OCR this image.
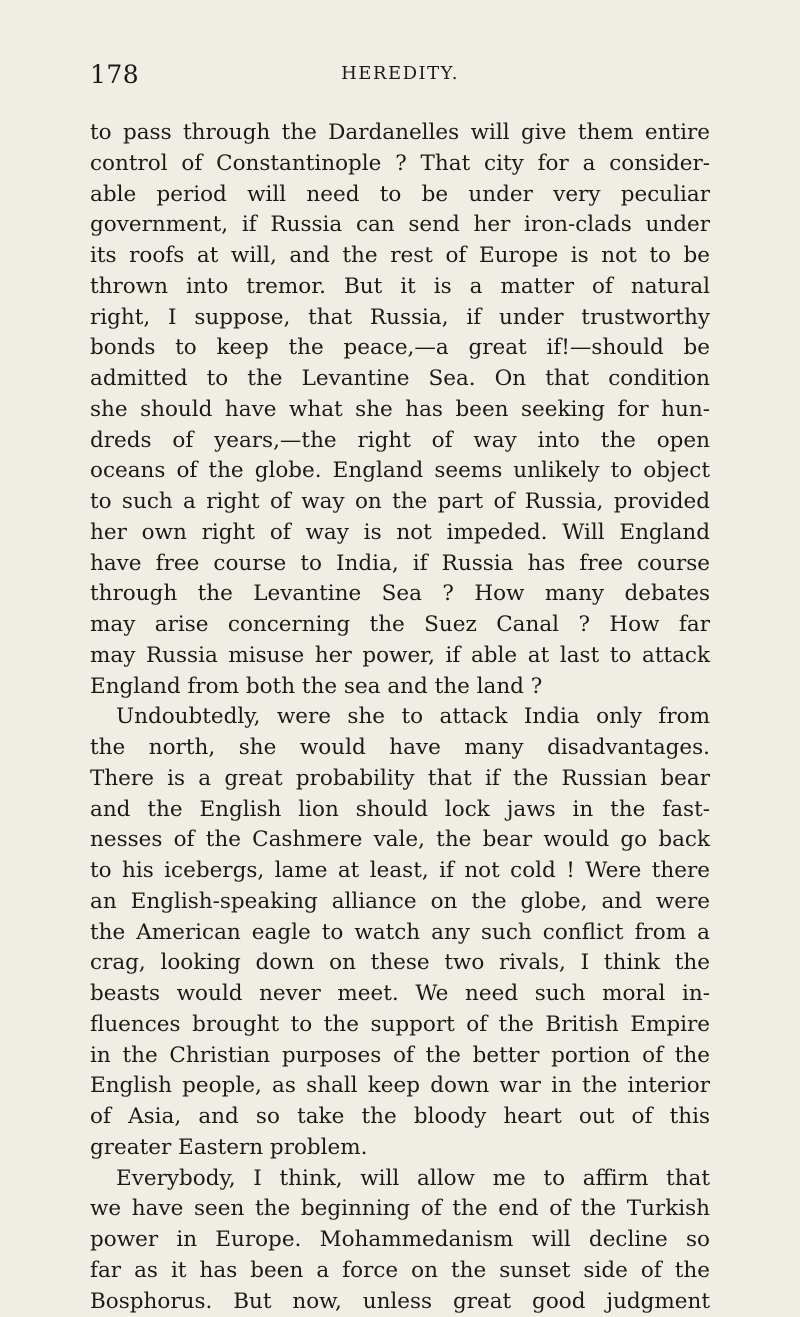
178	HEREDITY.
to pass through the Dardanelles will give them entire
control of Constantinople ? That city for a consider-
able period will need to be under very peculiar
government, if Russia can send her iron-clads under
its roofs at will, and the rest of Europe is not to be
thrown into tremor. But it is a matter of natural
right, I suppose, that Russia, if under trustworthy
bonds to keep the peace,—a great if!—should be
admitted to the Levantine Sea. On that condition
she should have what she has been seeking for hun-
dreds of years,—the right of way into the open
oceans of the globe. England seems unlikely to object
to such a right of way on the part of Russia, provided
her own right of way is not impeded. Will England
have free course to India, if Russia has free course
through the Levantine Sea ? How many debates
may arise concerning the Suez Canal ? How far
may Russia misuse her power, if able at last to attack
England from both the sea and the land ?
Undoubtedly, were she to attack India only from
the north, she would have many disadvantages.
There is a great probability that if the Russian bear
and the English lion should lock jaws in the fast-
nesses of the Cashmere vale, the bear would go back
to his icebergs, lame at least, if not cold ! Were there
an English-speaking alliance on the globe, and were
the American eagle to watch any such conflict from a
crag, looking down on these two rivals, I think the
beasts would never meet. We need such moral in-
fluences brought to the support of the British Empire
in the Christian purposes of the better portion of the
English people, as shall keep down war in the interior
of Asia, and so take the bloody heart out of this
greater Eastern problem.
Everybody, I think, will allow me to affirm that
we have seen the beginning of the end of the Turkish
power in Europe. Mohammedanism will decline so
far as it has been a force on the sunset side of the
Bosphorus. But now, unless great good judgment
